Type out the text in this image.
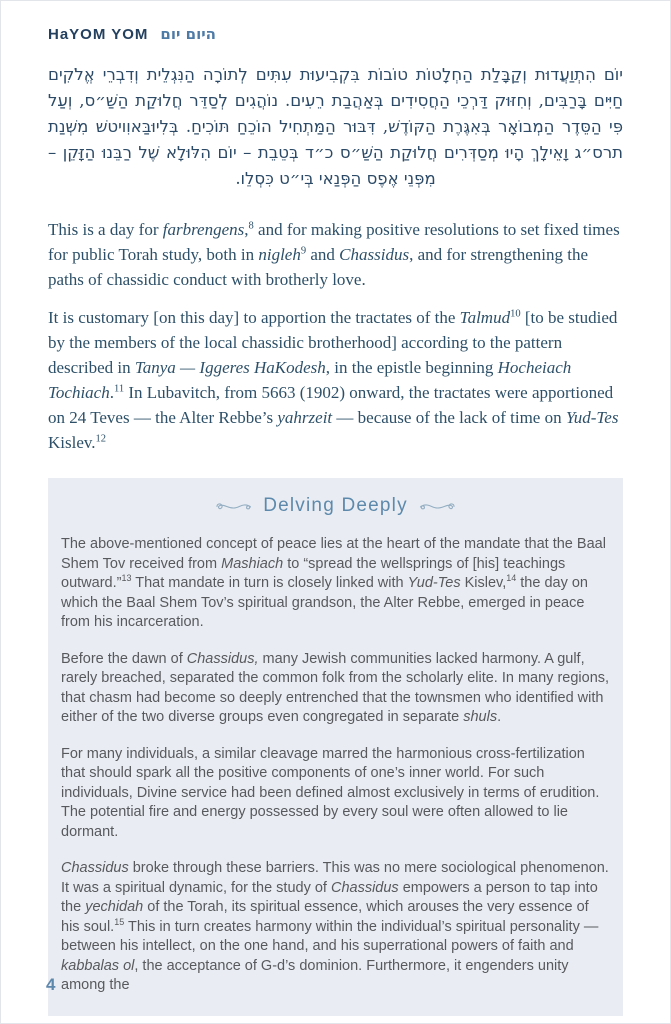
HaYOM YOM היום יום

יוֹם הִתְוַעֲדוּת וְקַבָּלַת הַחְלָטוֹת טוֹבוֹת בִּקְבִיעוּת עִתִּים לְתוֹרָה הַנִּגְלֵית וְדִבְרֵי אֱלֹקִים חַיִּים בָּרַבִּים, וְחִזּוּק דַּרְכֵי הַחֲסִידִים בְּאַהֲבַת רֵעִים. נוֹהֲגִים לְסַדֵּר חֲלוּקַת הַשַּׁ״ס, וְעַל פִּי הַסֵּדֶר הַמְבוֹאָר בְּאִגֶּרֶת הַקּוֹדֶשׁ, דִּבּוּר הַמַּתְחִיל הוֹכֵחַ תּוֹכִיחַ. בְּלִיוּבַּאוִויטשׁ מִשְּׁנַת תרס״ג וָאֵילָךְ הָיוּ מְסַדְּרִים חֲלוּקַת הַשַּׁ״ס כ״ד בְּטֵבֵת – יוֹם הִלּוּלָא שֶׁל רַבֵּנוּ הַזָּקֵן – מִפְּנֵי אֶפֶס הַפְּנַאי בְּי״ט כִּסְלֵו.

This is a day for farbrengens,$^8$ and for making positive resolutions to set fixed times for public Torah study, both in nigleh$^9$ and Chassidus, and for strengthening the paths of chassidic conduct with brotherly love.

It is customary [on this day] to apportion the tractates of the Talmud$^{10}$ [to be studied by the members of the local chassidic brotherhood] according to the pattern described in Tanya — Iggeres HaKodesh, in the epistle beginning Hocheiach Tochiach.$^{11}$ In Lubavitch, from 5663 (1902) onward, the tractates were apportioned on 24 Teves — the Alter Rebbe’s yahrzeit — because of the lack of time on Yud-Tes Kislev.$^{12}$

Delving Deeply

The above-mentioned concept of peace lies at the heart of the mandate that the Baal Shem Tov received from Mashiach to “spread the wellsprings of [his] teachings outward.”$^{13}$ That mandate in turn is closely linked with Yud-Tes Kislev,$^{14}$ the day on which the Baal Shem Tov’s spiritual grandson, the Alter Rebbe, emerged in peace from his incarceration.

Before the dawn of Chassidus, many Jewish communities lacked harmony. A gulf, rarely breached, separated the common folk from the scholarly elite. In many regions, that chasm had become so deeply entrenched that the townsmen who identified with either of the two diverse groups even congregated in separate shuls.

For many individuals, a similar cleavage marred the harmonious cross-fertilization that should spark all the positive components of one’s inner world. For such individuals, Divine service had been defined almost exclusively in terms of erudition. The potential fire and energy possessed by every soul were often allowed to lie dormant.

Chassidus broke through these barriers. This was no mere sociological phenomenon. It was a spiritual dynamic, for the study of Chassidus empowers a person to tap into the yechidah of the Torah, its spiritual essence, which arouses the very essence of his soul.$^{15}$ This in turn creates harmony within the individual’s spiritual personality — between his intellect, on the one hand, and his superrational powers of faith and kabbalas ol, the acceptance of G-d’s dominion. Furthermore, it engenders unity among the

4
